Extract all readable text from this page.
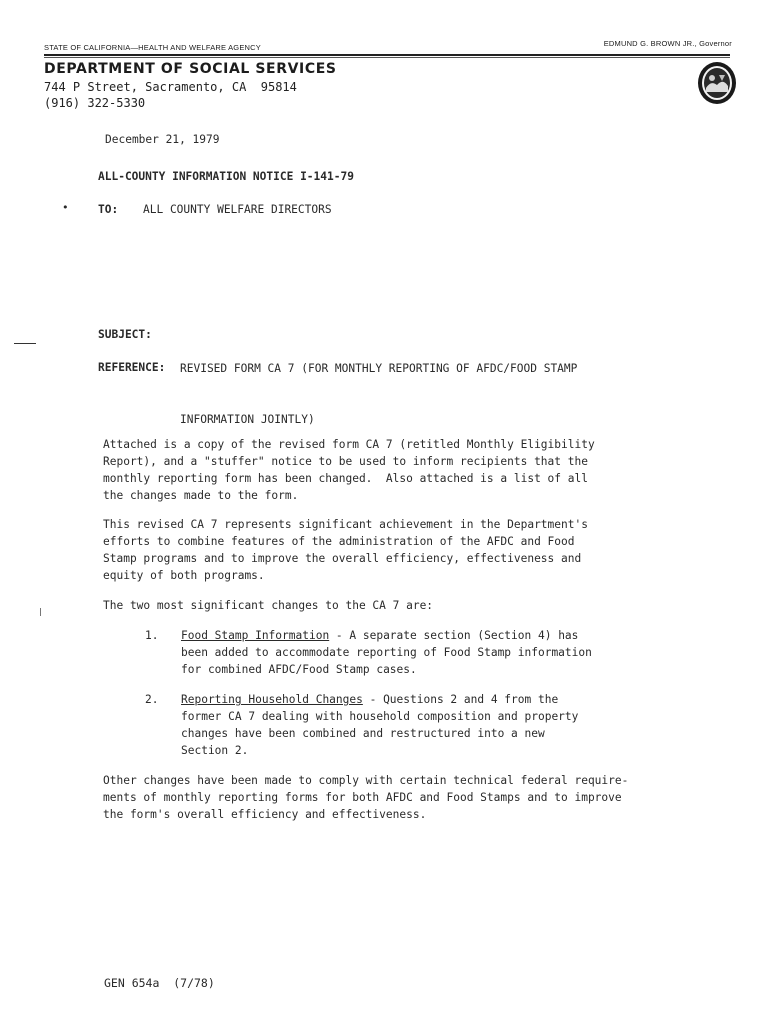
STATE OF CALIFORNIA—HEALTH AND WELFARE AGENCY	EDMUND G. BROWN JR., Governor
DEPARTMENT OF SOCIAL SERVICES
744 P Street, Sacramento, CA  95814
(916) 322-5330
December 21, 1979
ALL-COUNTY INFORMATION NOTICE I-141-79
•	TO: ALL COUNTY WELFARE DIRECTORS
SUBJECT:

REVISED FORM CA 7 (FOR MONTHLY REPORTING OF AFDC/FOOD STAMP

INFORMATION JOINTLY)

REFERENCE:
Attached is a copy of the revised form CA 7 (retitled Monthly Eligibility
Report), and a "stuffer" notice to be used to inform recipients that the
monthly reporting form has been changed.  Also attached is a list of all
the changes made to the form.
This revised CA 7 represents significant achievement in the Department's
efforts to combine features of the administration of the AFDC and Food
Stamp programs and to improve the overall efficiency, effectiveness and
equity of both programs.
The two most significant changes to the CA 7 are:
1. Food Stamp Information - A separate section (Section 4) has
been added to accommodate reporting of Food Stamp information
for combined AFDC/Food Stamp cases.
2. Reporting Household Changes - Questions 2 and 4 from the
former CA 7 dealing with household composition and property
changes have been combined and restructured into a new
Section 2.
Other changes have been made to comply with certain technical federal require-
ments of monthly reporting forms for both AFDC and Food Stamps and to improve
the form's overall efficiency and effectiveness.
GEN 654a  (7/78)
